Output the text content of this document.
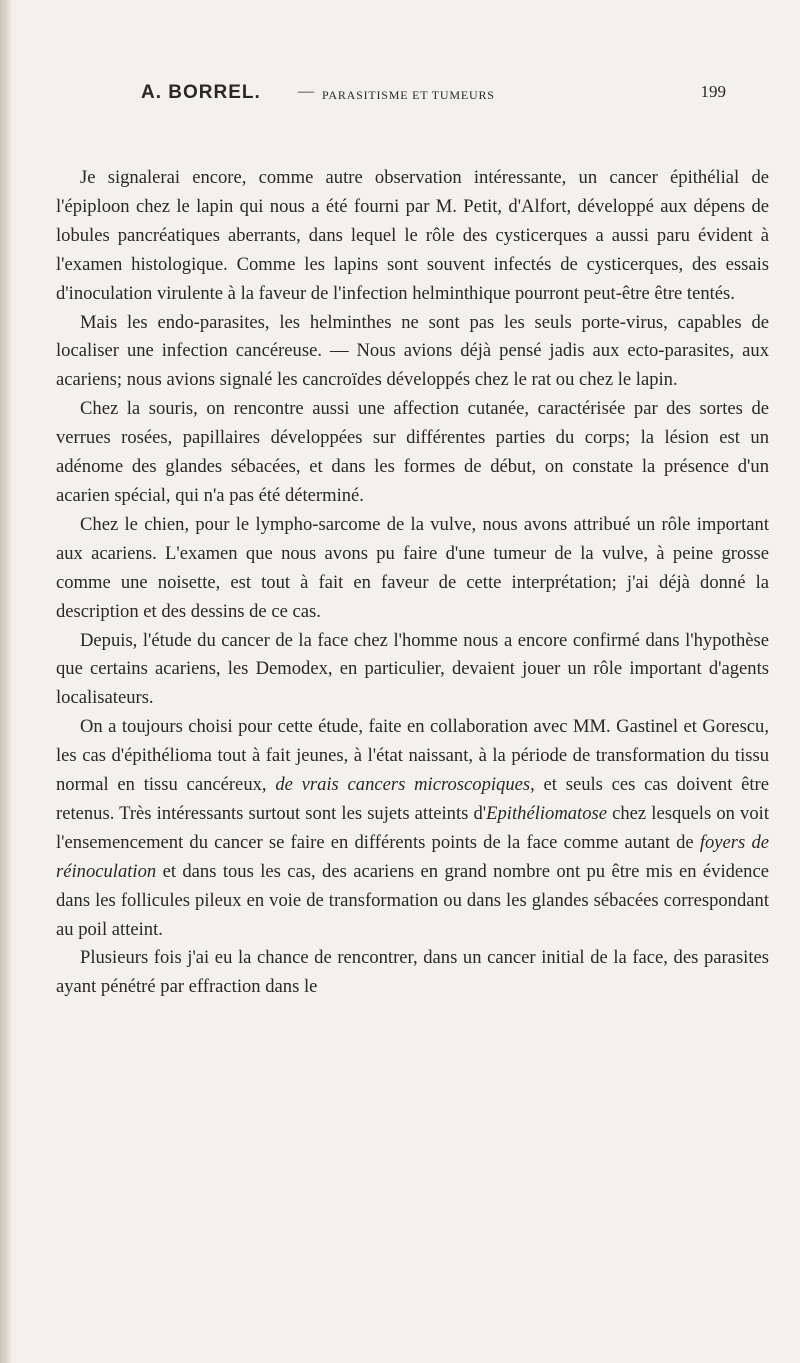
A. BORREL. — PARASITISME ET TUMEURS	199

Je signalerai encore, comme autre observation intéressante, un cancer épithélial de l'épiploon chez le lapin qui nous a été fourni par M. Petit, d'Alfort, développé aux dépens de lobules pancréatiques aberrants, dans lequel le rôle des cysticerques a aussi paru évident à l'examen histologique. Comme les lapins sont souvent infectés de cysticerques, des essais d'inoculation virulente à la faveur de l'infection helminthique pourront peut-être être tentés.

Mais les endo-parasites, les helminthes ne sont pas les seuls porte-virus, capables de localiser une infection cancéreuse. — Nous avions déjà pensé jadis aux ecto-parasites, aux acariens; nous avions signalé les cancroïdes développés chez le rat ou chez le lapin.

Chez la souris, on rencontre aussi une affection cutanée, caractérisée par des sortes de verrues rosées, papillaires développées sur différentes parties du corps; la lésion est un adénome des glandes sébacées, et dans les formes de début, on constate la présence d'un acarien spécial, qui n'a pas été déterminé.

Chez le chien, pour le lympho-sarcome de la vulve, nous avons attribué un rôle important aux acariens. L'examen que nous avons pu faire d'une tumeur de la vulve, à peine grosse comme une noisette, est tout à fait en faveur de cette interprétation; j'ai déjà donné la description et des dessins de ce cas.

Depuis, l'étude du cancer de la face chez l'homme nous a encore confirmé dans l'hypothèse que certains acariens, les Demodex, en particulier, devaient jouer un rôle important d'agents localisateurs.

On a toujours choisi pour cette étude, faite en collaboration avec MM. Gastinel et Gorescu, les cas d'épithélioma tout à fait jeunes, à l'état naissant, à la période de transformation du tissu normal en tissu cancéreux, de vrais cancers microscopiques, et seuls ces cas doivent être retenus. Très intéressants surtout sont les sujets atteints d'Epithéliomatose chez lesquels on voit l'ensemencement du cancer se faire en différents points de la face comme autant de foyers de réinoculation et dans tous les cas, des acariens en grand nombre ont pu être mis en évidence dans les follicules pileux en voie de transformation ou dans les glandes sébacées correspondant au poil atteint.

Plusieurs fois j'ai eu la chance de rencontrer, dans un cancer initial de la face, des parasites ayant pénétré par effraction dans le
